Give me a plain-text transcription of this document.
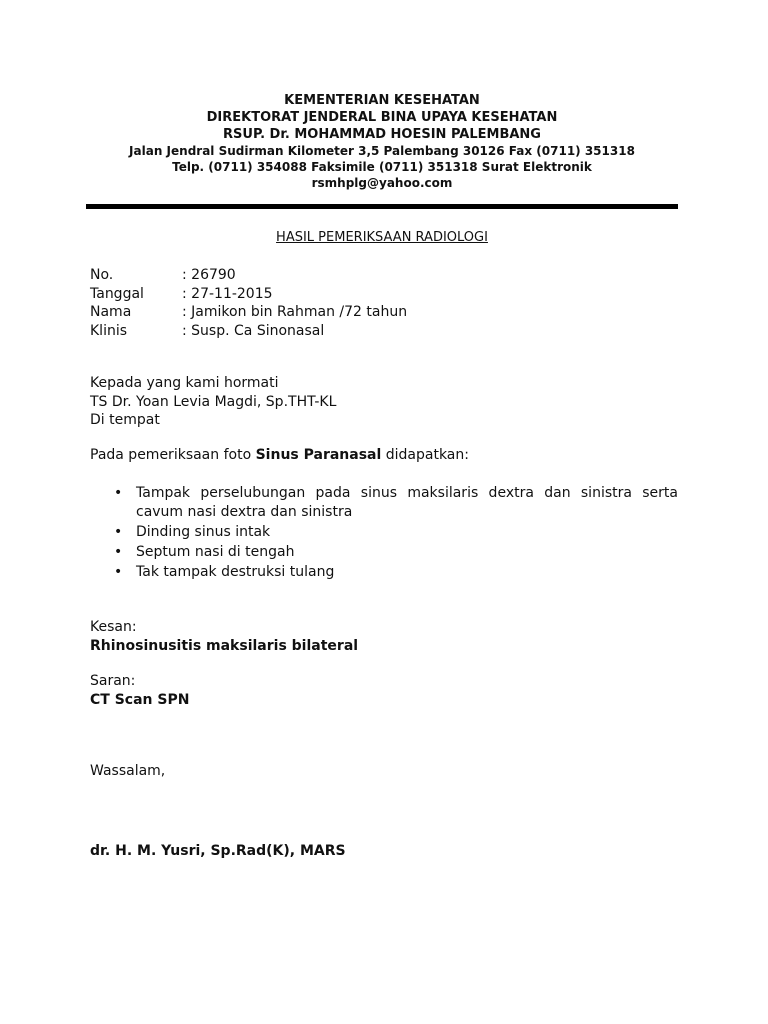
KEMENTERIAN KESEHATAN
DIREKTORAT JENDERAL BINA UPAYA KESEHATAN
RSUP. Dr. MOHAMMAD HOESIN PALEMBANG
Jalan Jendral Sudirman Kilometer 3,5 Palembang 30126 Fax (0711) 351318
Telp. (0711) 354088 Faksimile (0711) 351318 Surat Elektronik
rsmhplg@yahoo.com
HASIL PEMERIKSAAN RADIOLOGI
No.	: 26790
Tanggal	: 27-11-2015
Nama	: Jamikon bin Rahman /72 tahun
Klinis	: Susp. Ca Sinonasal
Kepada yang kami hormati
TS Dr. Yoan Levia Magdi, Sp.THT-KL
Di tempat
Pada pemeriksaan foto Sinus Paranasal didapatkan:
• Tampak perselubungan pada sinus maksilaris dextra dan sinistra serta cavum nasi dextra dan sinistra
• Dinding sinus intak
• Septum nasi di tengah
• Tak tampak destruksi tulang
Kesan:
Rhinosinusitis maksilaris bilateral
Saran:
CT Scan SPN
Wassalam,
dr. H. M. Yusri, Sp.Rad(K), MARS
